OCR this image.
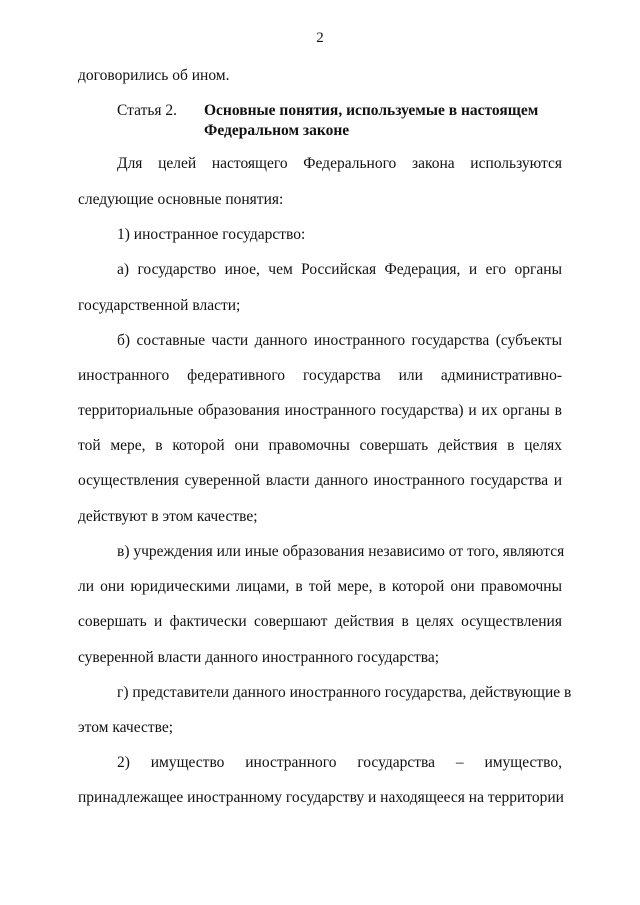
2
договорились об ином.
Статья 2. Основные понятия, используемые в настоящем Федеральном законе
Для целей настоящего Федерального закона используются
следующие основные понятия:
1) иностранное государство:
а) государство иное, чем Российская Федерация, и его органы
государственной власти;
б) составные части данного иностранного государства (субъекты
иностранного федеративного государства или административно-
территориальные образования иностранного государства) и их органы в
той мере, в которой они правомочны совершать действия в целях
осуществления суверенной власти данного иностранного государства и
действуют в этом качестве;
в) учреждения или иные образования независимо от того, являются
ли они юридическими лицами, в той мере, в которой они правомочны
совершать и фактически совершают действия в целях осуществления
суверенной власти данного иностранного государства;
г) представители данного иностранного государства, действующие в
этом качестве;
2) имущество иностранного государства – имущество,
принадлежащее иностранному государству и находящееся на территории
